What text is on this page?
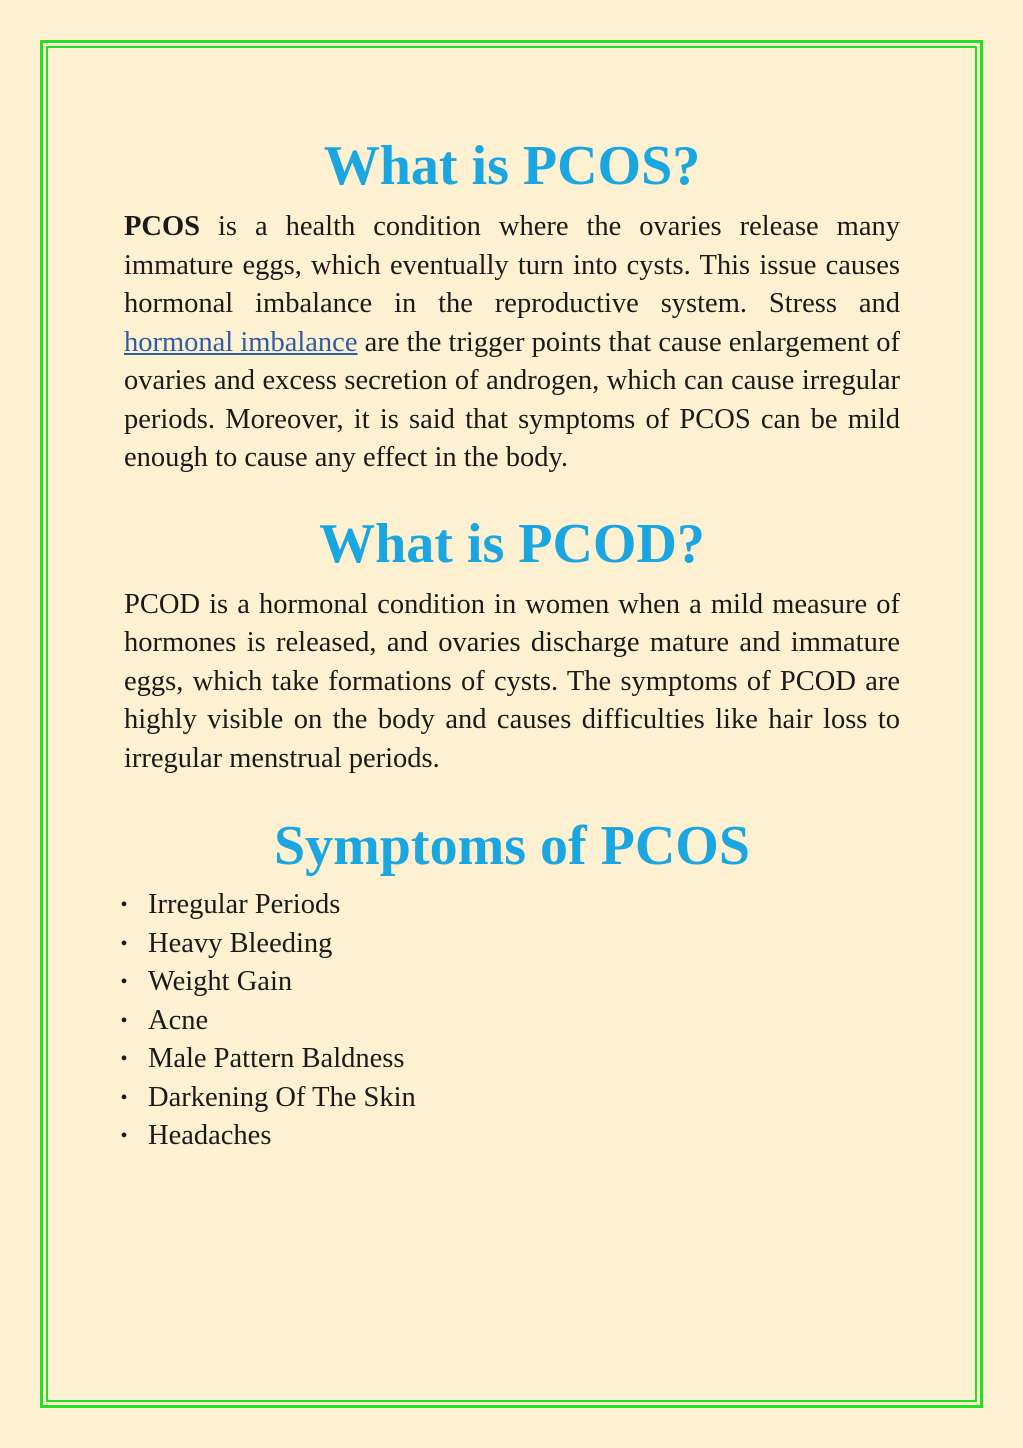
What is PCOS?

PCOS is a health condition where the ovaries release many immature eggs, which eventually turn into cysts. This issue causes hormonal imbalance in the reproductive system. Stress and hormonal imbalance are the trigger points that cause enlargement of ovaries and excess secretion of androgen, which can cause irregular periods. Moreover, it is said that symptoms of PCOS can be mild enough to cause any effect in the body.

What is PCOD?

PCOD is a hormonal condition in women when a mild measure of hormones is released, and ovaries discharge mature and immature eggs, which take formations of cysts. The symptoms of PCOD are highly visible on the body and causes difficulties like hair loss to irregular menstrual periods.

Symptoms of PCOS
• Irregular Periods
• Heavy Bleeding
• Weight Gain
• Acne
• Male Pattern Baldness
• Darkening Of The Skin
• Headaches
